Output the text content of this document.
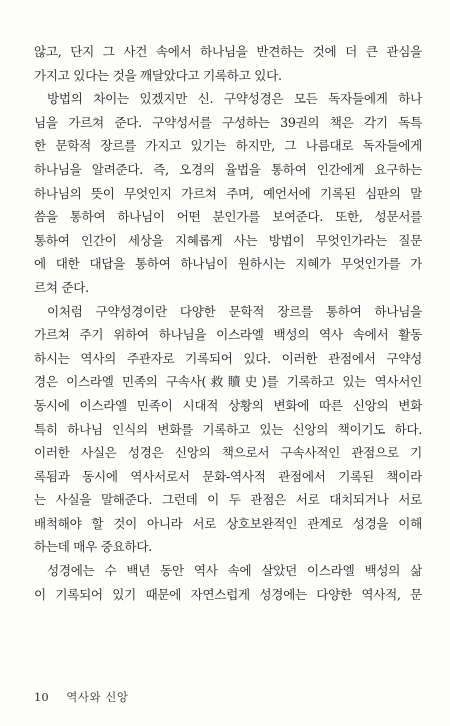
않고, 단지 그 사건 속에서 하나님을 반견하는 것에 더 큰 관심을
가지고 있다는 것을 깨달았다고 기록하고 있다.
방법의 차이는 있겠지만 신. 구약성경은 모든 독자들에게 하나
님을 가르쳐 준다. 구약성서를 구성하는 39권의 책은 각기 독특
한 문학적 장르를 가지고 있기는 하지만, 그 나름대로 독자들에게
하나님을 알려준다. 즉, 오경의 율법을 통하여 인간에게 요구하는
하나님의 뜻이 무엇인지 가르쳐 주며, 예언서에 기록된 심판의 말
씀을 통하여 하나님이 어떤 분인가를 보여준다. 또한, 성문서를
통하여 인간이 세상을 지혜롭게 사는 방법이 무엇인가라는 질문
에 대한 대답을 통하여 하나님이 원하시는 지혜가 무엇인가를 가
르쳐 준다.
이처럼 구약성경이란 다양한 문학적 장르를 통하여 하나님을
가르쳐 주기 위하여 하나님을 이스라엘 백성의 역사 속에서 활동
하시는 역사의 주관자로 기록되어 있다. 이러한 관점에서 구약성
경은 이스라엘 민족의 구속사(救贖史)를 기록하고 있는 역사서인
동시에 이스라엘 민족이 시대적 상황의 변화에 따른 신앙의 변화
특히 하나님 인식의 변화를 기록하고 있는 신앙의 책이기도 하다.
이러한 사실은 성경은 신앙의 책으로서 구속사적인 관점으로 기
록됨과 동시에 역사서로서 문화-역사적 관점에서 기록된 책이라
는 사실을 말해준다. 그런데 이 두 관점은 서로 대치되거나 서로
배척해야 할 것이 아니라 서로 상호보완적인 관계로 성경을 이해
하는데 매우 중요하다.
성경에는 수 백년 동안 역사 속에 살았던 이스라엘 백성의 삶
이 기록되어 있기 때문에 자연스럽게 성경에는 다양한 역사적, 문
10 역사와 신앙
